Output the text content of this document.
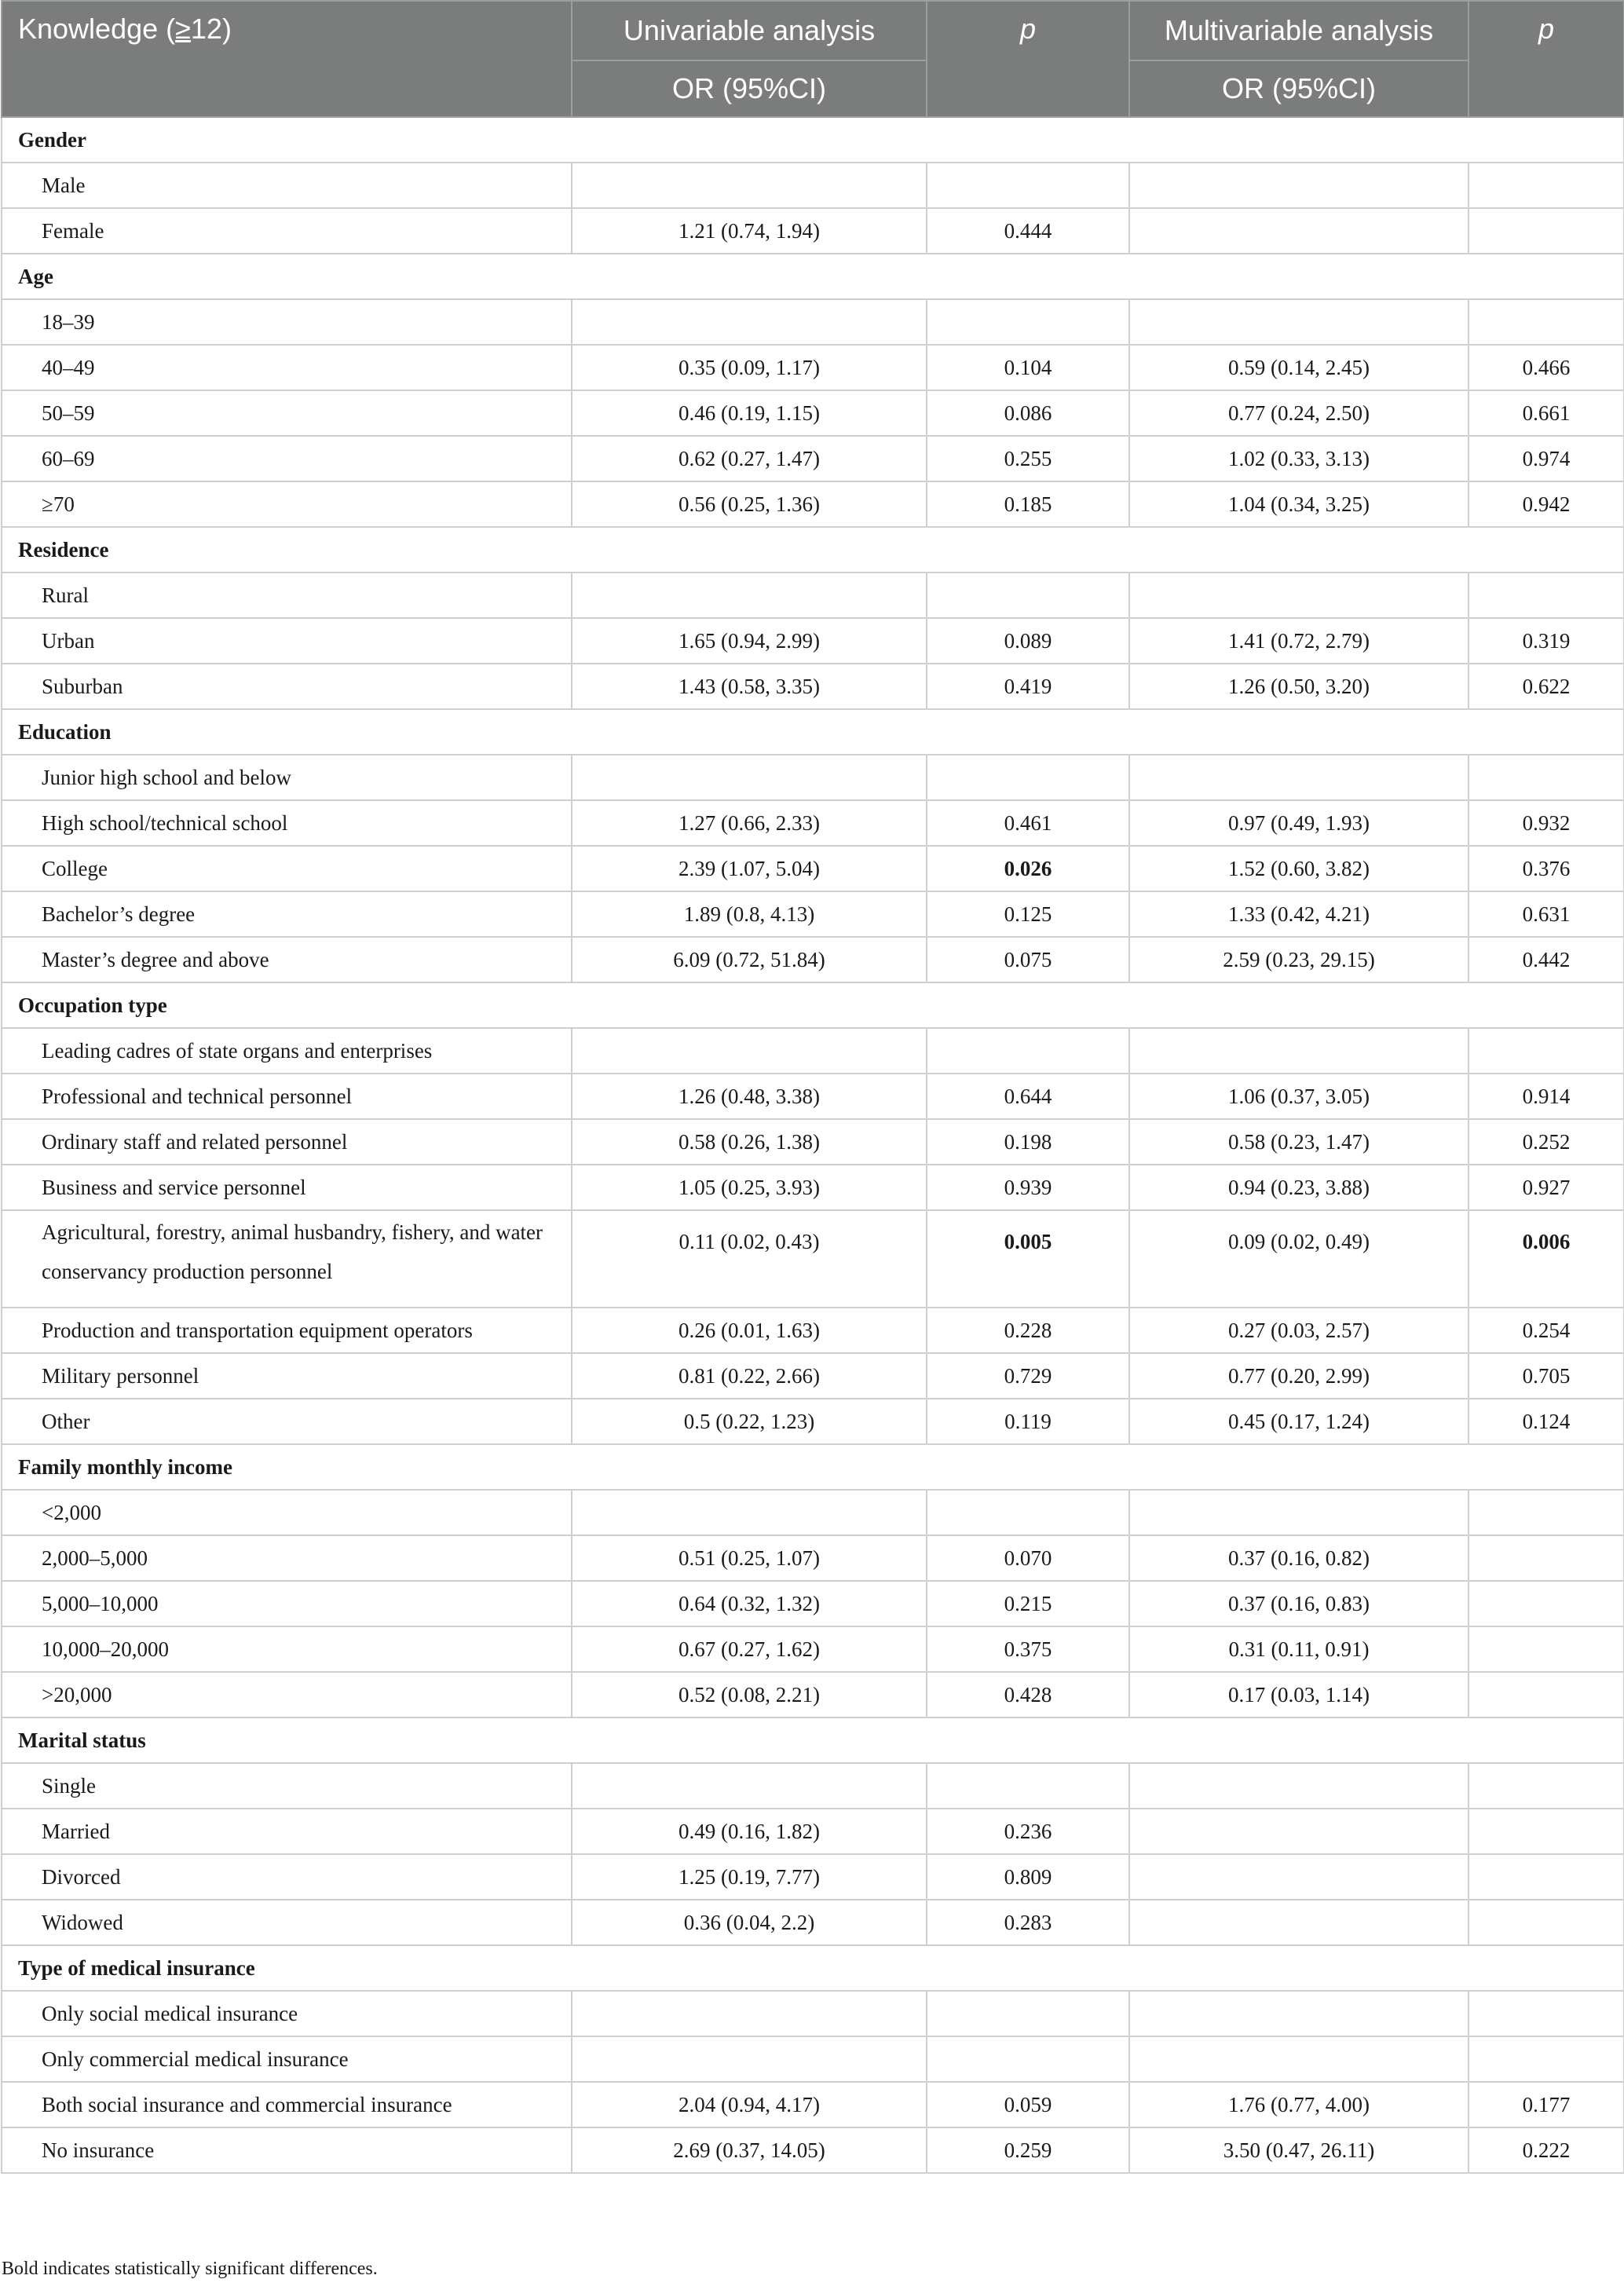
Knowledge (≥12)	Univariable analysis	p	Multivariable analysis	p
	OR (95%CI)		OR (95%CI)	
Gender				
Male				
Female	1.21 (0.74, 1.94)	0.444		
Age				
18–39				
40–49	0.35 (0.09, 1.17)	0.104	0.59 (0.14, 2.45)	0.466
50–59	0.46 (0.19, 1.15)	0.086	0.77 (0.24, 2.50)	0.661
60–69	0.62 (0.27, 1.47)	0.255	1.02 (0.33, 3.13)	0.974
≥70	0.56 (0.25, 1.36)	0.185	1.04 (0.34, 3.25)	0.942
Residence				
Rural				
Urban	1.65 (0.94, 2.99)	0.089	1.41 (0.72, 2.79)	0.319
Suburban	1.43 (0.58, 3.35)	0.419	1.26 (0.50, 3.20)	0.622
Education				
Junior high school and below				
High school/technical school	1.27 (0.66, 2.33)	0.461	0.97 (0.49, 1.93)	0.932
College	2.39 (1.07, 5.04)	0.026	1.52 (0.60, 3.82)	0.376
Bachelor’s degree	1.89 (0.8, 4.13)	0.125	1.33 (0.42, 4.21)	0.631
Master’s degree and above	6.09 (0.72, 51.84)	0.075	2.59 (0.23, 29.15)	0.442
Occupation type				
Leading cadres of state organs and enterprises				
Professional and technical personnel	1.26 (0.48, 3.38)	0.644	1.06 (0.37, 3.05)	0.914
Ordinary staff and related personnel	0.58 (0.26, 1.38)	0.198	0.58 (0.23, 1.47)	0.252
Business and service personnel	1.05 (0.25, 3.93)	0.939	0.94 (0.23, 3.88)	0.927
Agricultural, forestry, animal husbandry, fishery, and water conservancy production personnel	0.11 (0.02, 0.43)	0.005	0.09 (0.02, 0.49)	0.006
Production and transportation equipment operators	0.26 (0.01, 1.63)	0.228	0.27 (0.03, 2.57)	0.254
Military personnel	0.81 (0.22, 2.66)	0.729	0.77 (0.20, 2.99)	0.705
Other	0.5 (0.22, 1.23)	0.119	0.45 (0.17, 1.24)	0.124
Family monthly income				
<2,000				
2,000–5,000	0.51 (0.25, 1.07)	0.070	0.37 (0.16, 0.82)	
5,000–10,000	0.64 (0.32, 1.32)	0.215	0.37 (0.16, 0.83)	
10,000–20,000	0.67 (0.27, 1.62)	0.375	0.31 (0.11, 0.91)	
>20,000	0.52 (0.08, 2.21)	0.428	0.17 (0.03, 1.14)	
Marital status				
Single				
Married	0.49 (0.16, 1.82)	0.236		
Divorced	1.25 (0.19, 7.77)	0.809		
Widowed	0.36 (0.04, 2.2)	0.283		
Type of medical insurance				
Only social medical insurance				
Only commercial medical insurance				
Both social insurance and commercial insurance	2.04 (0.94, 4.17)	0.059	1.76 (0.77, 4.00)	0.177
No insurance	2.69 (0.37, 14.05)	0.259	3.50 (0.47, 26.11)	0.222
Bold indicates statistically significant differences.
